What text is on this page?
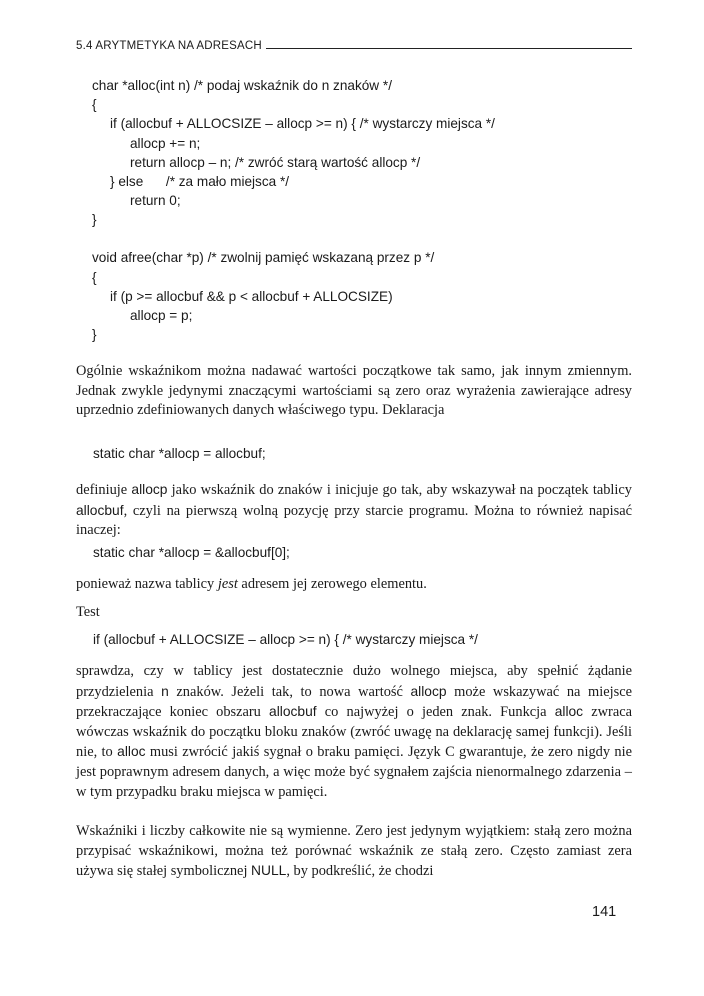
5.4 ARYTMETYKA NA ADRESACH

char *alloc(int n) /* podaj wskaźnik do n znaków */

{

if (allocbuf + ALLOCSIZE – allocp >= n) { /* wystarczy miejsca */

allocp += n;

return allocp – n; /* zwróć starą wartość allocp */

} else      /* za mało miejsca */

return 0;

}

void afree(char *p) /* zwolnij pamięć wskazaną przez p */

{

if (p >= allocbuf && p < allocbuf + ALLOCSIZE)

allocp = p;

}

Ogólnie wskaźnikom można nadawać wartości początkowe tak samo, jak innym zmiennym. Jednak zwykle jedynymi znaczącymi wartościami są zero oraz wyrażenia zawierające adresy uprzednio zdefiniowanych danych właściwego typu. Deklaracja

static char *allocp = allocbuf;

definiuje allocp jako wskaźnik do znaków i inicjuje go tak, aby wskazywał na początek tablicy allocbuf, czyli na pierwszą wolną pozycję przy starcie programu. Można to również napisać inaczej:

static char *allocp = &allocbuf[0];

ponieważ nazwa tablicy jest adresem jej zerowego elementu.

Test

if (allocbuf + ALLOCSIZE – allocp >= n) { /* wystarczy miejsca */

sprawdza, czy w tablicy jest dostatecznie dużo wolnego miejsca, aby spełnić żądanie przydzielenia n znaków. Jeżeli tak, to nowa wartość allocp może wskazywać na miejsce przekraczające koniec obszaru allocbuf co najwyżej o jeden znak. Funkcja alloc zwraca wówczas wskaźnik do początku bloku znaków (zwróć uwagę na deklarację samej funkcji). Jeśli nie, to alloc musi zwrócić jakiś sygnał o braku pamięci. Język C gwarantuje, że zero nigdy nie jest poprawnym adresem danych, a więc może być sygnałem zajścia nienormalnego zdarzenia – w tym przypadku braku miejsca w pamięci.

Wskaźniki i liczby całkowite nie są wymienne. Zero jest jedynym wyjątkiem: stałą zero można przypisać wskaźnikowi, można też porównać wskaźnik ze stałą zero. Często zamiast zera używa się stałej symbolicznej NULL, by podkreślić, że chodzi

141
